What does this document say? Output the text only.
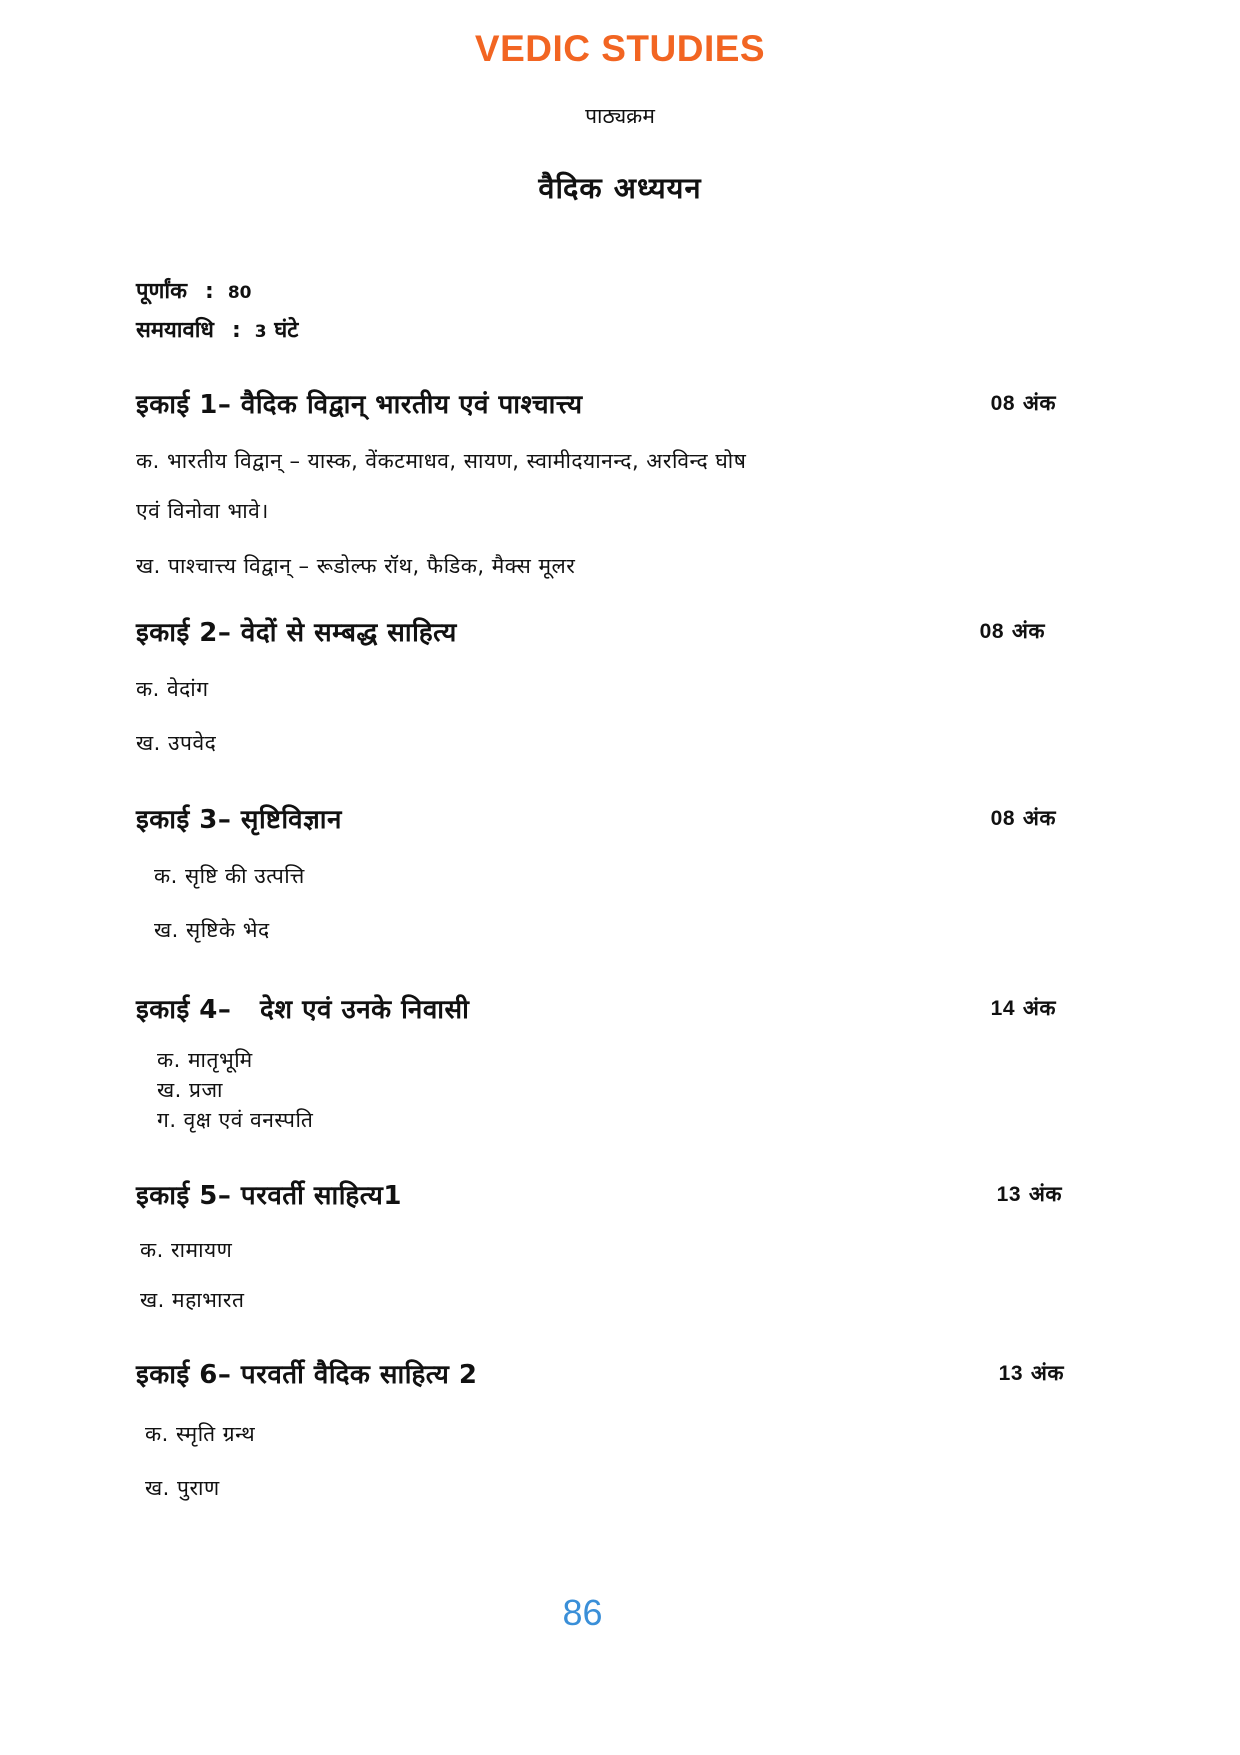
VEDIC STUDIES
पाठ्यक्रम
वैदिक अध्ययन
पूर्णांक : 80
समयावधि : 3 घंटे
इकाई 1– वैदिक विद्वान् भारतीय एवं पाश्चात्त्य	08 अंक
क. भारतीय विद्वान् – यास्क, वेंकटमाधव, सायण, स्वामीदयानन्द, अरविन्द घोष
एवं विनोवा भावे।
ख. पाश्चात्त्य विद्वान् – रूडोल्फ रॉथ, फैडिक, मैक्स मूलर
इकाई 2– वेदों से सम्बद्ध साहित्य	08 अंक
क. वेदांग
ख. उपवेद
इकाई 3– सृष्टिविज्ञान	08 अंक
क. सृष्टि की उत्पत्ति
ख. सृष्टिके भेद
इकाई 4–   देश एवं उनके निवासी	14 अंक
क. मातृभूमि
ख. प्रजा
ग. वृक्ष एवं वनस्पति
इकाई 5– परवर्ती साहित्य1	13 अंक
क. रामायण
ख. महाभारत
इकाई 6– परवर्ती वैदिक साहित्य 2	13 अंक
क. स्मृति ग्रन्थ
ख. पुराण
86
